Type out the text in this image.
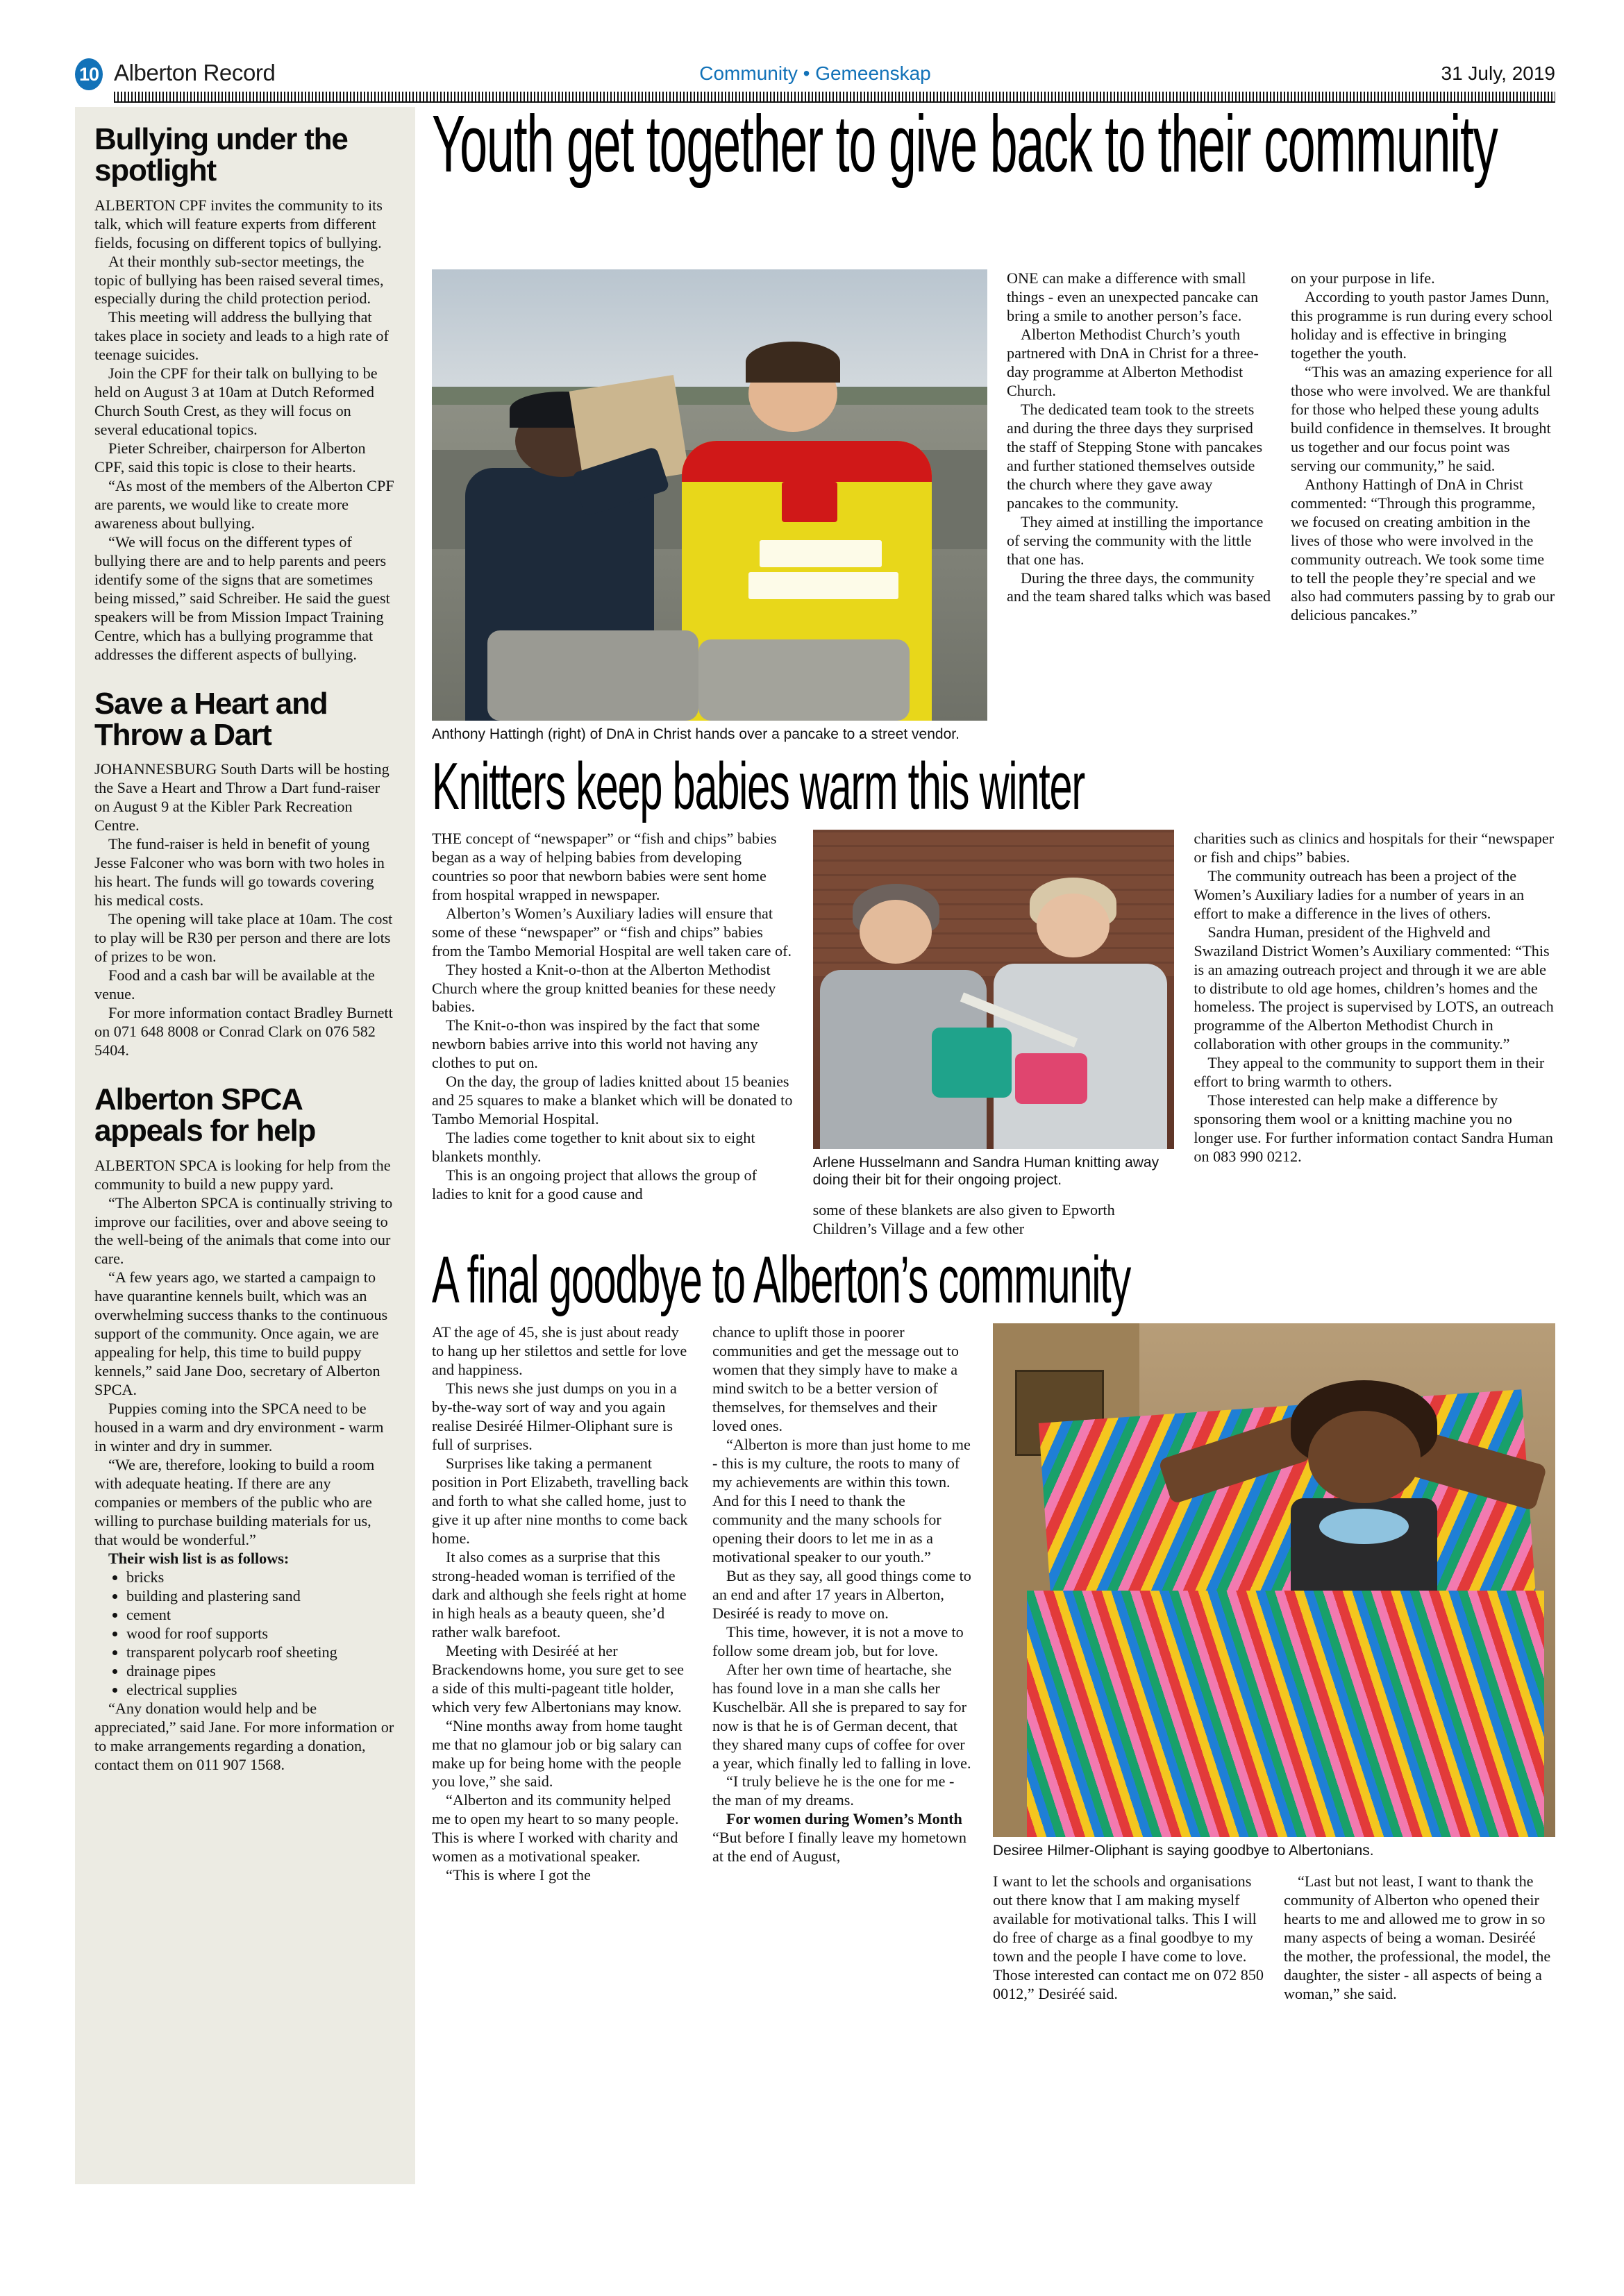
10 Alberton Record	Community • Gemeenskap	31 July, 2019
Bullying under the spotlight

ALBERTON CPF invites the community to its talk, which will feature experts from different fields, focusing on different topics of bullying.

At their monthly sub-sector meetings, the topic of bullying has been raised several times, especially during the child protection period.

This meeting will address the bullying that takes place in society and leads to a high rate of teenage suicides.

Join the CPF for their talk on bullying to be held on August 3 at 10am at Dutch Reformed Church South Crest, as they will focus on several educational topics.

Pieter Schreiber, chairperson for Alberton CPF, said this topic is close to their hearts.

“As most of the members of the Alberton CPF are parents, we would like to create more awareness about bullying.

“We will focus on the different types of bullying there are and to help parents and peers identify some of the signs that are sometimes being missed,” said Schreiber. He said the guest speakers will be from Mission Impact Training Centre, which has a bullying programme that addresses the different aspects of bullying.

Save a Heart and Throw a Dart

JOHANNESBURG South Darts will be hosting the Save a Heart and Throw a Dart fund-raiser on August 9 at the Kibler Park Recreation Centre.

The fund-raiser is held in benefit of young Jesse Falconer who was born with two holes in his heart. The funds will go towards covering his medical costs.

The opening will take place at 10am. The cost to play will be R30 per person and there are lots of prizes to be won.

Food and a cash bar will be available at the venue.

For more information contact Bradley Burnett on 071 648 8008 or Conrad Clark on 076 582 5404.

Alberton SPCA appeals for help

ALBERTON SPCA is looking for help from the community to build a new puppy yard.

“The Alberton SPCA is continually striving to improve our facilities, over and above seeing to the well-being of the animals that come into our care.

“A few years ago, we started a campaign to have quarantine kennels built, which was an overwhelming success thanks to the continuous support of the community. Once again, we are appealing for help, this time to build puppy kennels,” said Jane Doo, secretary of Alberton SPCA.

Puppies coming into the SPCA need to be housed in a warm and dry environment - warm in winter and dry in summer.

“We are, therefore, looking to build a room with adequate heating. If there are any companies or members of the public who are willing to purchase building materials for us, that would be wonderful.”

Their wish list is as follows:

• bricks
• building and plastering sand
• cement
• wood for roof supports
• transparent polycarb roof sheeting
• drainage pipes
• electrical supplies

“Any donation would help and be appreciated,” said Jane. For more information or to make arrangements regarding a donation, contact them on 011 907 1568.

Youth get together to give back to their community
Anthony Hattingh (right) of DnA in Christ hands over a pancake to a street vendor.

ONE can make a difference with small things - even an unexpected pancake can bring a smile to another person’s face.

Alberton Methodist Church’s youth partnered with DnA in Christ for a three-day programme at Alberton Methodist Church.

The dedicated team took to the streets and during the three days they surprised the staff of Stepping Stone with pancakes and further stationed themselves outside the church where they gave away pancakes to the community.

They aimed at instilling the importance of serving the community with the little that one has.

During the three days, the community and the team shared talks which was based

on your purpose in life.

According to youth pastor James Dunn, this programme is run during every school holiday and is effective in bringing together the youth.

“This was an amazing experience for all those who were involved. We are thankful for those who helped these young adults build confidence in themselves. It brought us together and our focus point was serving our community,” he said.

Anthony Hattingh of DnA in Christ commented: “Through this programme, we focused on creating ambition in the lives of those who were involved in the community outreach. We took some time to tell the people they’re special and we also had commuters passing by to grab our delicious pancakes.”

Knitters keep babies warm this winter

THE concept of “newspaper” or “fish and chips” babies began as a way of helping babies from developing countries so poor that newborn babies were sent home from hospital wrapped in newspaper.

Alberton’s Women’s Auxiliary ladies will ensure that some of these “newspaper” or “fish and chips” babies from the Tambo Memorial Hospital are well taken care of.

They hosted a Knit-o-thon at the Alberton Methodist Church where the group knitted beanies for these needy babies.

The Knit-o-thon was inspired by the fact that some newborn babies arrive into this world not having any clothes to put on.

On the day, the group of ladies knitted about 15 beanies and 25 squares to make a blanket which will be donated to Tambo Memorial Hospital.

The ladies come together to knit about six to eight blankets monthly.

This is an ongoing project that allows the group of ladies to knit for a good cause and

Arlene Husselmann and Sandra Human knitting away doing their bit for their ongoing project.

some of these blankets are also given to Epworth Children’s Village and a few other

charities such as clinics and hospitals for their “newspaper or fish and chips” babies.

The community outreach has been a project of the Women’s Auxiliary ladies for a number of years in an effort to make a difference in the lives of others.

Sandra Human, president of the Highveld and Swaziland District Women’s Auxiliary commented: “This is an amazing outreach project and through it we are able to distribute to old age homes, children’s homes and the homeless. The project is supervised by LOTS, an outreach programme of the Alberton Methodist Church in collaboration with other groups in the community.”

They appeal to the community to support them in their effort to bring warmth to others.

Those interested can help make a difference by sponsoring them wool or a knitting machine you no longer use. For further information contact Sandra Human on 083 990 0212.

A final goodbye to Alberton’s community

AT the age of 45, she is just about ready to hang up her stilettos and settle for love and happiness.

This news she just dumps on you in a by-the-way sort of way and you again realise Desiréé Hilmer-Oliphant sure is full of surprises.

Surprises like taking a permanent position in Port Elizabeth, travelling back and forth to what she called home, just to give it up after nine months to come back home.

It also comes as a surprise that this strong-headed woman is terrified of the dark and although she feels right at home in high heals as a beauty queen, she’d rather walk barefoot.

Meeting with Desiréé at her Brackendowns home, you sure get to see a side of this multi-pageant title holder, which very few Albertonians may know.

“Nine months away from home taught me that no glamour job or big salary can make up for being home with the people you love,” she said.

“Alberton and its community helped me to open my heart to so many people. This is where I worked with charity and women as a motivational speaker.

“This is where I got the

chance to uplift those in poorer communities and get the message out to women that they simply have to make a mind switch to be a better version of themselves, for themselves and their loved ones.

“Alberton is more than just home to me - this is my culture, the roots to many of my achievements are within this town. And for this I need to thank the community and the many schools for opening their doors to let me in as a motivational speaker to our youth.”

But as they say, all good things come to an end and after 17 years in Alberton, Desiréé is ready to move on.

This time, however, it is not a move to follow some dream job, but for love.

After her own time of heartache, she has found love in a man she calls her Kuschelbär. All she is prepared to say for now is that he is of German decent, that they shared many cups of coffee for over a year, which finally led to falling in love.

“I truly believe he is the one for me - the man of my dreams.

For women during Women’s Month

“But before I finally leave my hometown at the end of August,	Desiree Hilmer-Oliphant is saying goodbye to Albertonians.

I want to let the schools and organisations out there know that I am making myself available for motivational talks. This I will do free of charge as a final goodbye to my town and the people I have come to love. Those interested can contact me on 072 850 0012,” Desiréé said.

“Last but not least, I want to thank the community of Alberton who opened their hearts to me and allowed me to grow in so many aspects of being a woman. Desiréé the mother, the professional, the model, the daughter, the sister - all aspects of being a woman,” she said.
